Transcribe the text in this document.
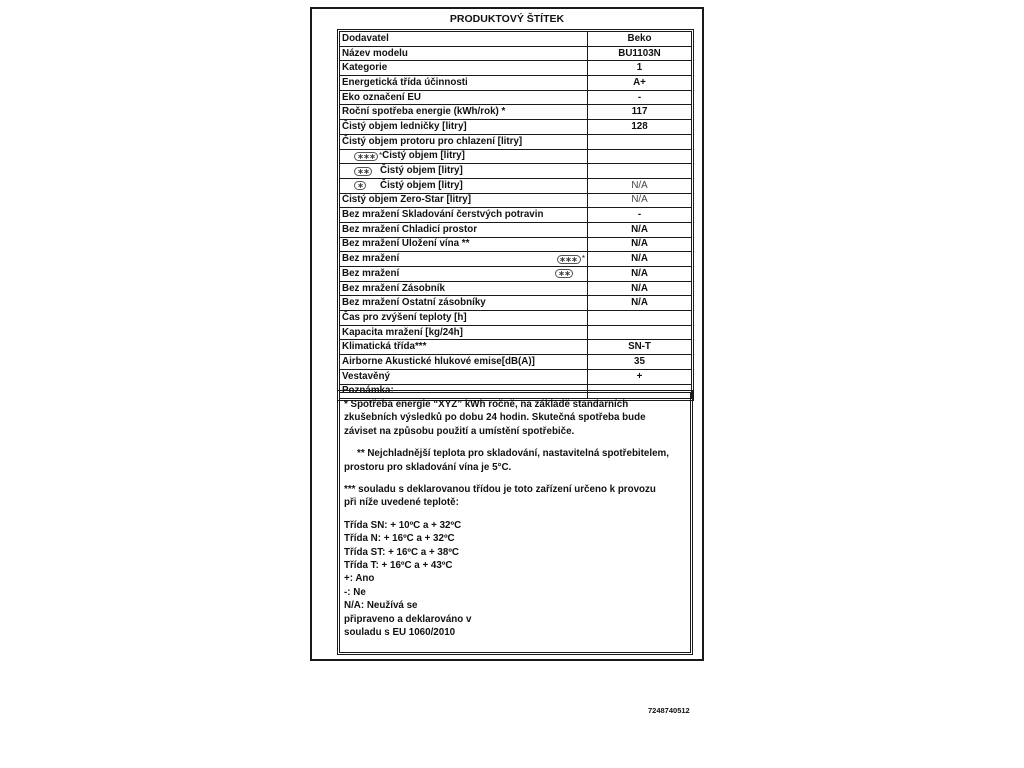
PRODUKTOVÝ ŠTÍTEK
Dodavatel	Beko
Název modelu	BU1103N
Kategorie	1
Energetická třída účinnosti	A+
Eko označení EU	-
Roční spotřeba energie (kWh/rok) *	117
Čistý objem ledničky [litry]	128
Čistý objem protoru pro chlazení [litry]	

* Čistý objem [litry]	

Čistý objem [litry]	

Čistý objem [litry]	N/A
Čistý objem Zero-Star [litry]	N/A
Bez mražení Skladování čerstvých potravin	-
Bez mražení Chladicí prostor	N/A
Bez mražení Uložení vína **	N/A

Bez mražení *	N/A

Bez mražení	N/A
Bez mražení Zásobník	N/A
Bez mražení Ostatní zásobníky	N/A
Čas pro zvýšení teploty [h]	
Kapacita mražení [kg/24h]	
Klimatická třída***	SN-T
Airborne Akustické hlukové emise[dB(A)]	35
Vestavěný	+
Poznámka:	

* Spotřeba energie “XYZ” kWh ročně, na základě standarních

zkušebních výsledků po dobu 24 hodin. Skutečná spotřeba bude

záviset na způsobu použití a umístění spotřebiče.

** Nejchladnější teplota pro skladování, nastavitelná spotřebitelem,

prostoru pro skladování vína je 5°C.

*** souladu s deklarovanou třídou je toto zařízení určeno k provozu

při níže uvedené teplotě:

Třída SN: + 10ºC a + 32ºC

Třída N: + 16ºC a + 32ºC

Třída ST: + 16ºC a + 38ºC

Třída T: + 16ºC a + 43ºC

+: Ano

-: Ne

N/A: Neužívá se

připraveno a deklarováno v

souladu s EU 1060/2010

7248740512
